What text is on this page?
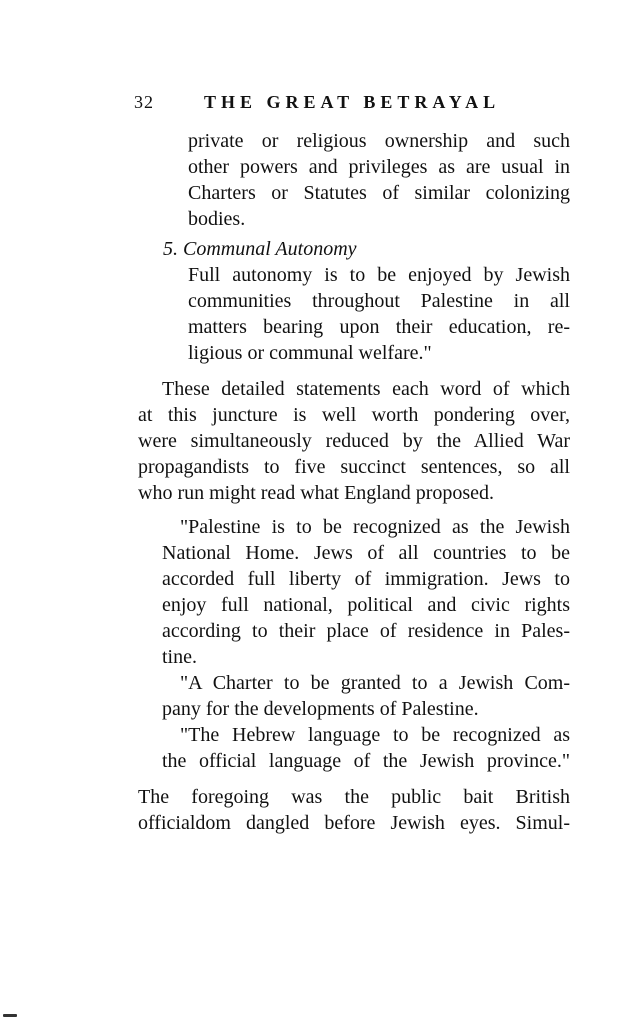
32	THE GREAT BETRAYAL
private or religious ownership and such
other powers and privileges as are usual in
Charters or Statutes of similar colonizing
bodies.
5. Communal Autonomy
Full autonomy is to be enjoyed by Jewish
communities throughout Palestine in all
matters bearing upon their education, re-
ligious or communal welfare."
These detailed statements each word of which
at this juncture is well worth pondering over,
were simultaneously reduced by the Allied War
propagandists to five succinct sentences, so all
who run might read what England proposed.
"Palestine is to be recognized as the Jewish
National Home. Jews of all countries to be
accorded full liberty of immigration. Jews to
enjoy full national, political and civic rights
according to their place of residence in Pales-
tine.
"A Charter to be granted to a Jewish Com-
pany for the developments of Palestine.
"The Hebrew language to be recognized as
the official language of the Jewish province."
The foregoing was the public bait British
officialdom dangled before Jewish eyes. Simul-
